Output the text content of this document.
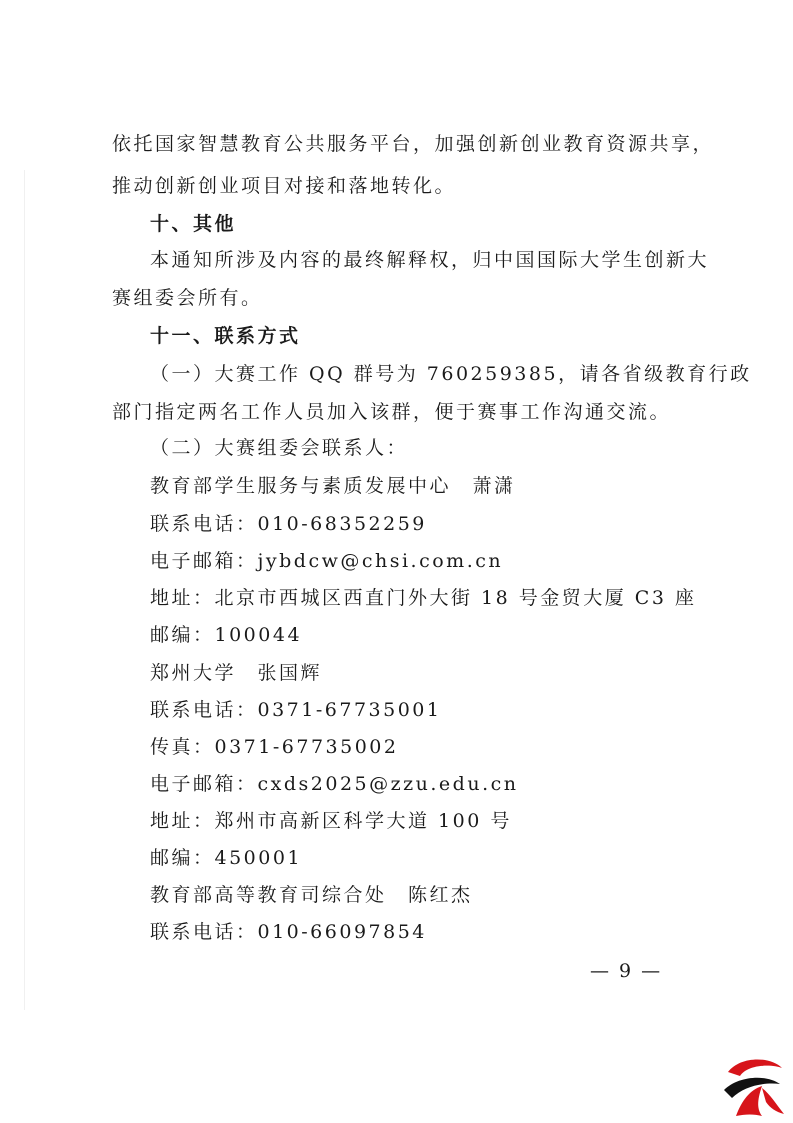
依托国家智慧教育公共服务平台，加强创新创业教育资源共享，
推动创新创业项目对接和落地转化。
十、其他
本通知所涉及内容的最终解释权，归中国国际大学生创新大
赛组委会所有。
十一、联系方式
（一）大赛工作 QQ 群号为 760259385，请各省级教育行政
部门指定两名工作人员加入该群，便于赛事工作沟通交流。
（二）大赛组委会联系人：
教育部学生服务与素质发展中心　萧潇
联系电话：010-68352259
电子邮箱：jybdcw@chsi.com.cn
地址：北京市西城区西直门外大街 18 号金贸大厦 C3 座
邮编：100044
郑州大学　张国辉
联系电话：0371-67735001
传真：0371-67735002
电子邮箱：cxds2025@zzu.edu.cn
地址：郑州市高新区科学大道 100 号
邮编：450001
教育部高等教育司综合处　陈红杰
联系电话：010-66097854
— 9 —
